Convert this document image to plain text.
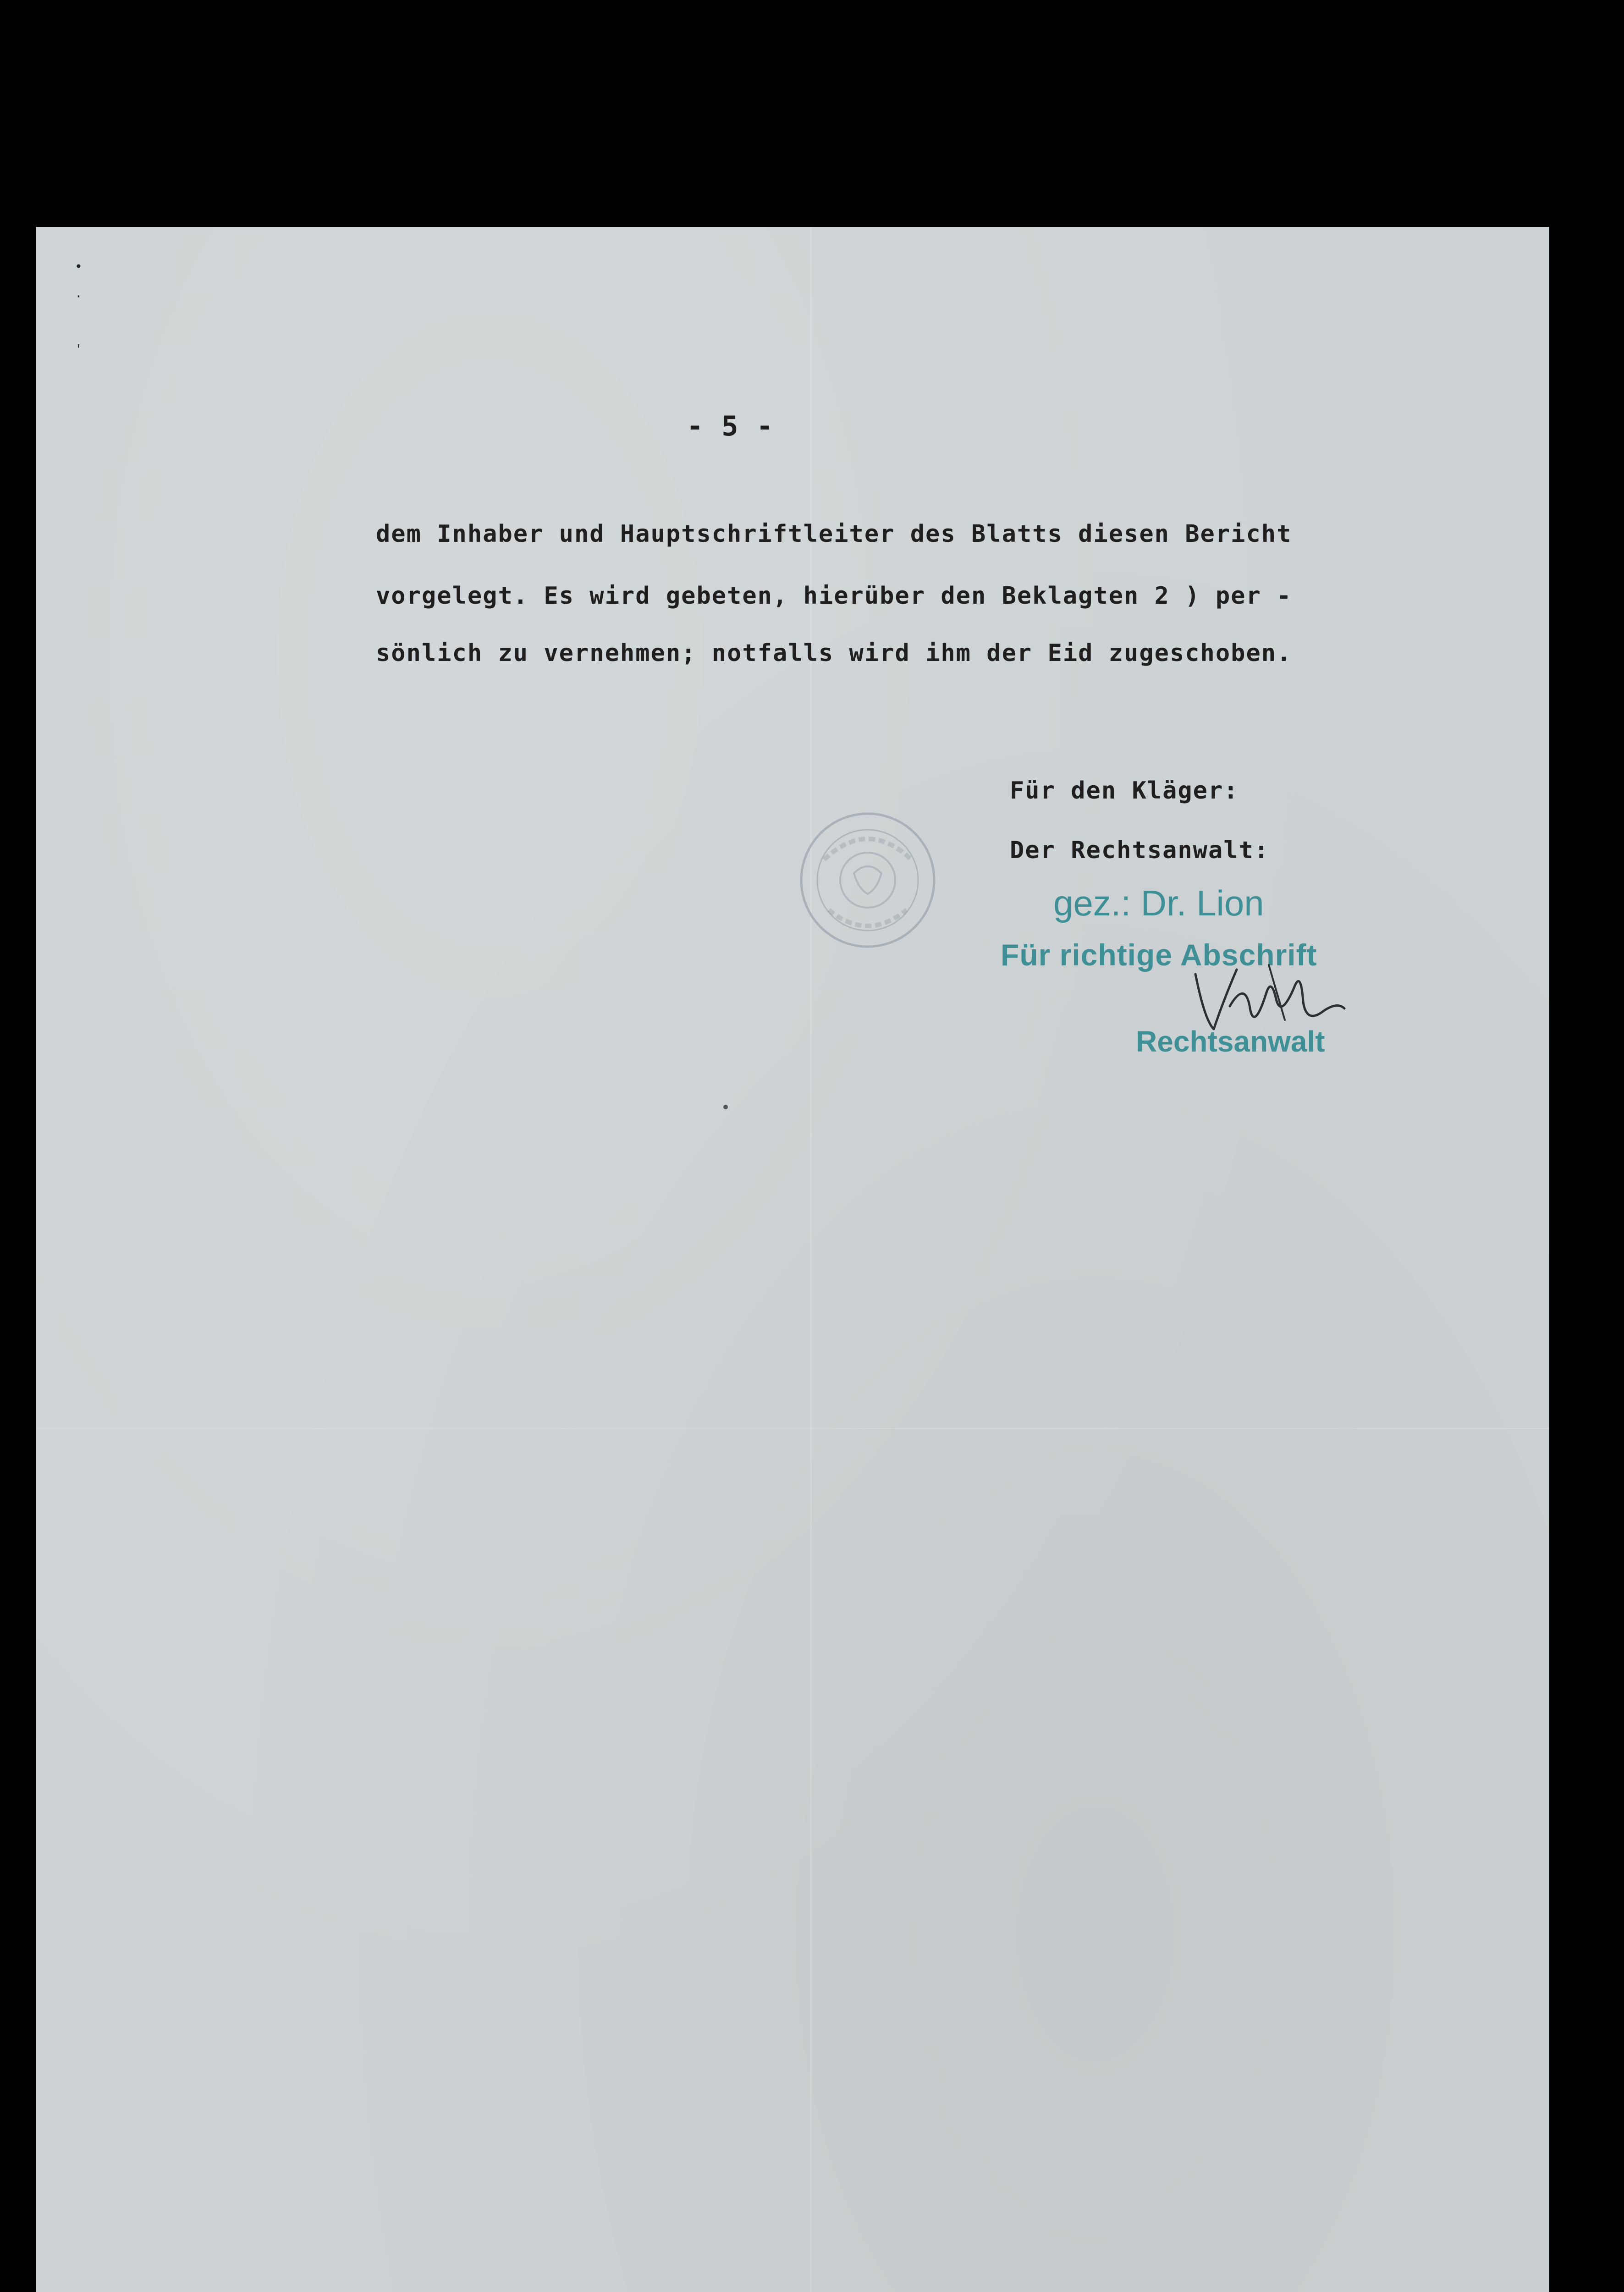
•
·
'
- 5 -
dem Inhaber und Hauptschriftleiter des Blatts diesen Bericht
vorgelegt. Es wird gebeten, hierüber den Beklagten 2 ) per -
sönlich zu vernehmen; notfalls wird ihm der Eid zugeschoben.
Für den Kläger:
Der Rechtsanwalt:
gez.: Dr. Lion
Für richtige Abschrift
Rechtsanwalt
